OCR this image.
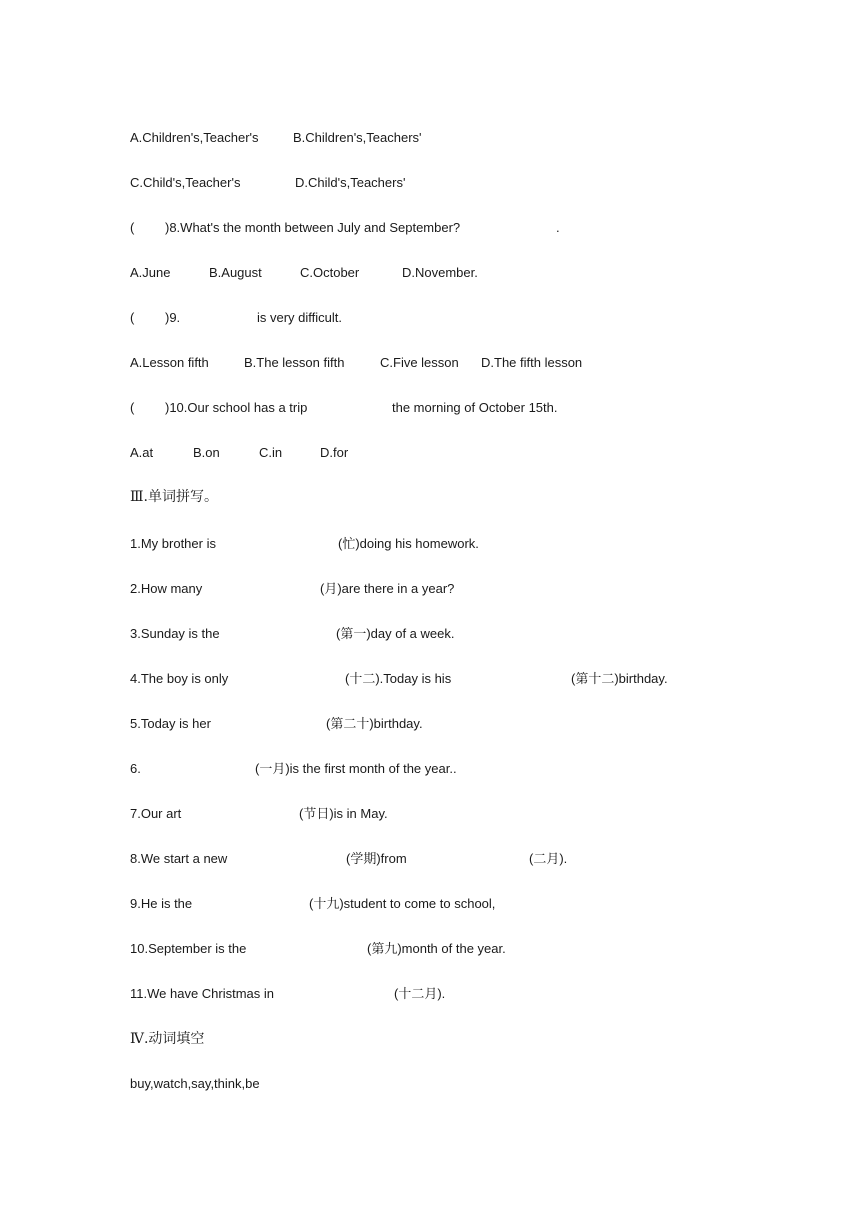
A.Children's,Teacher's

	B.Children's,Teachers'

C.Child's,Teacher's

	D.Child's,Teachers'

(

)8.What's the month between July and September?

	.

A.June

	B.August

	C.October

	D.November.

(

)9.

	is very difficult.

A.Lesson fifth

	B.The lesson fifth

	C.Five lesson

D.The fifth lesson

(

)10.Our school has a trip

	the morning of October 15th.

A.at

	B.on

	C.in

	D.for

Ⅲ.单词拼写。

1.My brother is

	(忙)doing his homework.

2.How many

	(月)are there in a year?

3.Sunday is the

	(第一)day of a week.

4.The boy is only

	(十二).Today is his

	(第十二)birthday.

5.Today is her

	(第二十)birthday.

6.

	(一月)is the first month of the year..

7.Our art

	(节日)is in May.

8.We start a new

	(学期)from

	(二月).

9.He is the

	(十九)student to come to school,

10.September is the

	(第九)month of the year.

11.We have Christmas in

	(十二月).

Ⅳ.动词填空

buy,watch,say,think,be
